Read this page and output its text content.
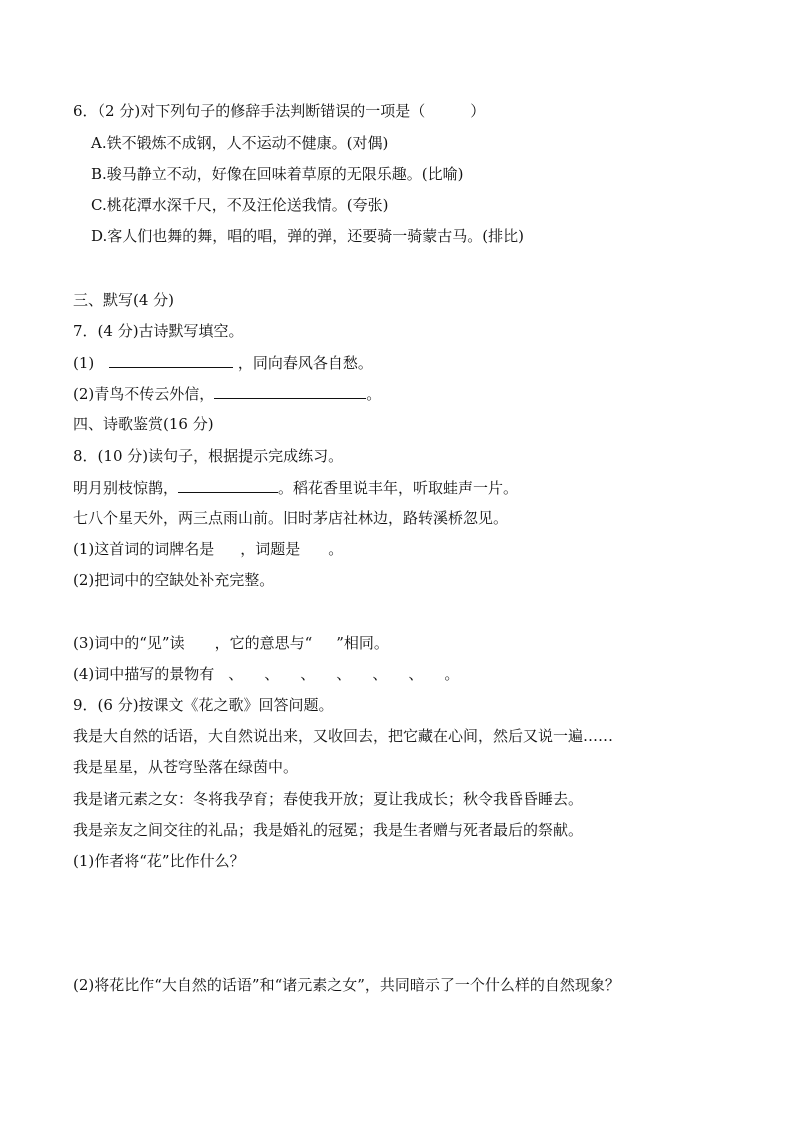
6．（2 分)对下列句子的修辞手法判断错误的一项是（　　　）
A.铁不锻炼不成钢，人不运动不健康。(对偶)
B.骏马静立不动，好像在回味着草原的无限乐趣。(比喻)
C.桃花潭水深千尺，不及汪伦送我情。(夸张)
D.客人们也舞的舞，唱的唱，弹的弹，还要骑一骑蒙古马。(排比)
三、默写(4 分)
7．(4 分)古诗默写填空。
(1)	，同向春风各自愁。
(2)青鸟不传云外信，	。
四、诗歌鉴赏(16 分)
8．(10 分)读句子，根据提示完成练习。
明月别枝惊鹊，	。稻花香里说丰年，听取蛙声一片。
七八个星天外，两三点雨山前。旧时茅店社林边，路转溪桥忽见。
(1)这首词的词牌名是 ，词题是 。
(2)把词中的空缺处补充完整。
(3)词中的“见”读 ，它的意思与“ ”相同。
(4)词中描写的景物有 、 、 、 、 、 、 。
9．(6 分)按课文《花之歌》回答问题。
我是大自然的话语，大自然说出来，又收回去，把它藏在心间，然后又说一遍……
我是星星，从苍穹坠落在绿茵中。
我是诸元素之女：冬将我孕育；春使我开放；夏让我成长；秋令我昏昏睡去。
我是亲友之间交往的礼品；我是婚礼的冠冕；我是生者赠与死者最后的祭献。
(1)作者将“花”比作什么？
(2)将花比作“大自然的话语”和“诸元素之女”，共同暗示了一个什么样的自然现象？
